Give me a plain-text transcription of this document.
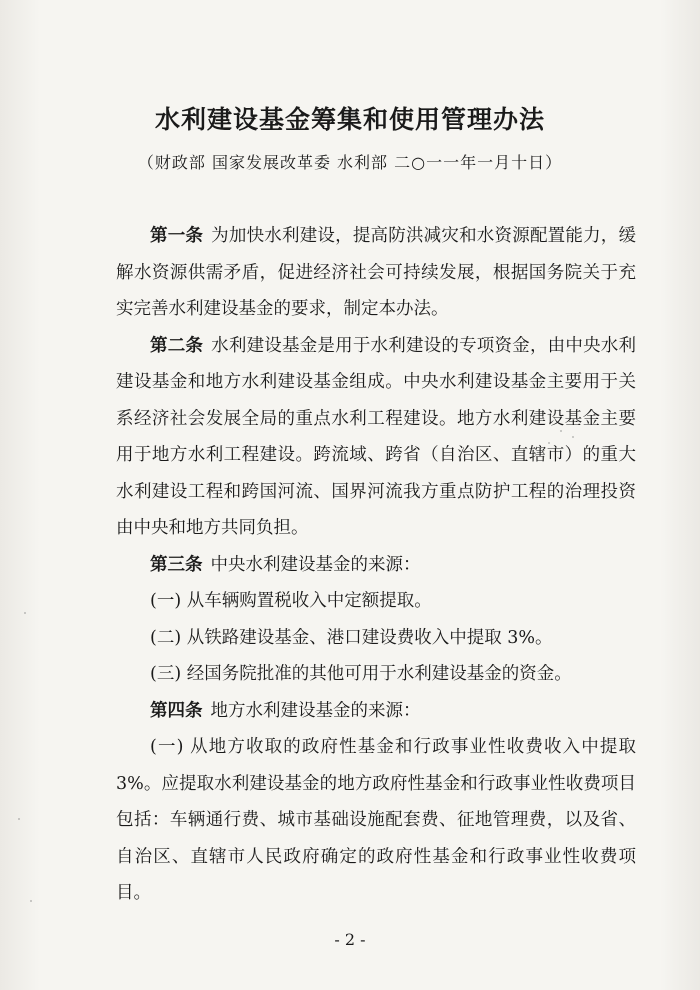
水利建设基金筹集和使用管理办法
（财政部 国家发展改革委 水利部 二○一一年一月十日）

第一条 为加快水利建设，提高防洪减灾和水资源配置能力，缓解水资源供需矛盾，促进经济社会可持续发展，根据国务院关于充实完善水利建设基金的要求，制定本办法。

第二条 水利建设基金是用于水利建设的专项资金，由中央水利建设基金和地方水利建设基金组成。中央水利建设基金主要用于关系经济社会发展全局的重点水利工程建设。地方水利建设基金主要用于地方水利工程建设。跨流域、跨省（自治区、直辖市）的重大水利建设工程和跨国河流、国界河流我方重点防护工程的治理投资由中央和地方共同负担。

第三条 中央水利建设基金的来源：

(一) 从车辆购置税收入中定额提取。

(二) 从铁路建设基金、港口建设费收入中提取 3%。

(三) 经国务院批准的其他可用于水利建设基金的资金。

第四条 地方水利建设基金的来源：

(一) 从地方收取的政府性基金和行政事业性收费收入中提取 3%。应提取水利建设基金的地方政府性基金和行政事业性收费项目包括：车辆通行费、城市基础设施配套费、征地管理费，以及省、自治区、直辖市人民政府确定的政府性基金和行政事业性收费项目。

- 2 -
